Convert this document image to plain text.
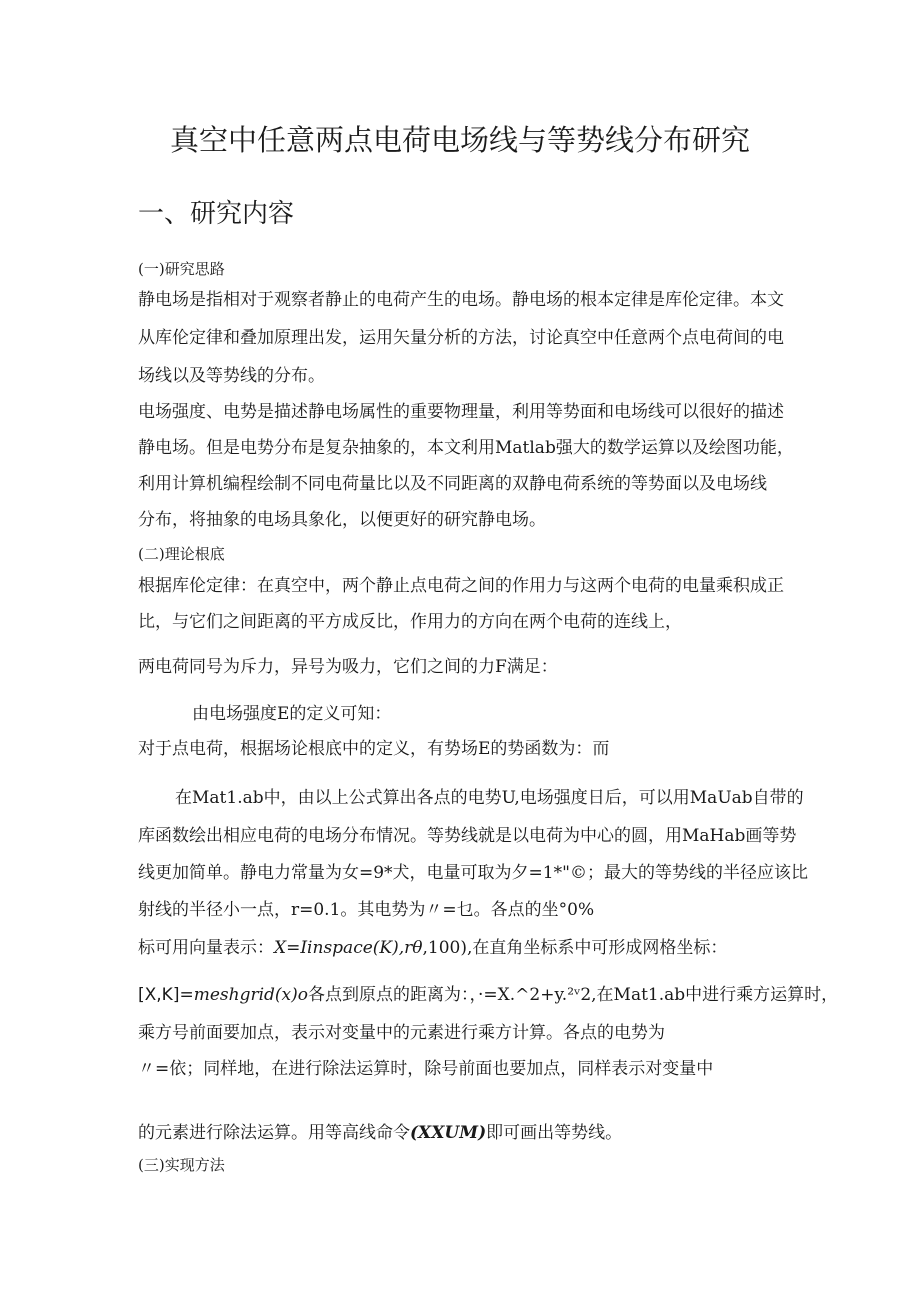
真空中任意两点电荷电场线与等势线分布研究
一、研究内容
(一)研究思路
静电场是指相对于观察者静止的电荷产生的电场。静电场的根本定律是库伦定律。本文
从库伦定律和叠加原理出发，运用矢量分析的方法，讨论真空中任意两个点电荷间的电
场线以及等势线的分布。
电场强度、电势是描述静电场属性的重要物理量，利用等势面和电场线可以很好的描述
静电场。但是电势分布是复杂抽象的，本文利用Matlab强大的数学运算以及绘图功能，
利用计算机编程绘制不同电荷量比以及不同距离的双静电荷系统的等势面以及电场线
分布，将抽象的电场具象化，以便更好的研究静电场。
(二)理论根底
根据库伦定律：在真空中，两个静止点电荷之间的作用力与这两个电荷的电量乘积成正
比，与它们之间距离的平方成反比，作用力的方向在两个电荷的连线上，
两电荷同号为斥力，异号为吸力，它们之间的力F满足：
由电场强度E的定义可知：
对于点电荷，根据场论根底中的定义，有势场E的势函数为：而
在Mat1.ab中，由以上公式算出各点的电势U,电场强度日后，可以用MaUab自带的
库函数绘出相应电荷的电场分布情况。等势线就是以电荷为中心的圆，用MaHab画等势
线更加简单。静电力常量为女=9*犬，电量可取为夕=1*"©；最大的等势线的半径应该比
射线的半径小一点，r=0.1。其电势为〃=乜。各点的坐°0%
标可用向量表示：X=Iinspace(K),rθ,100),在直角坐标系中可形成网格坐标：
[X,K]=meshgrid(x)o各点到原点的距离为：，·=X.^2+y.²ᵛ2,在Mat1.ab中进行乘方运算时，
乘方号前面要加点，表示对变量中的元素进行乘方计算。各点的电势为
〃=依；同样地，在进行除法运算时，除号前面也要加点，同样表示对变量中
的元素进行除法运算。用等高线命令(XXUM)即可画出等势线。
(三)实现方法
